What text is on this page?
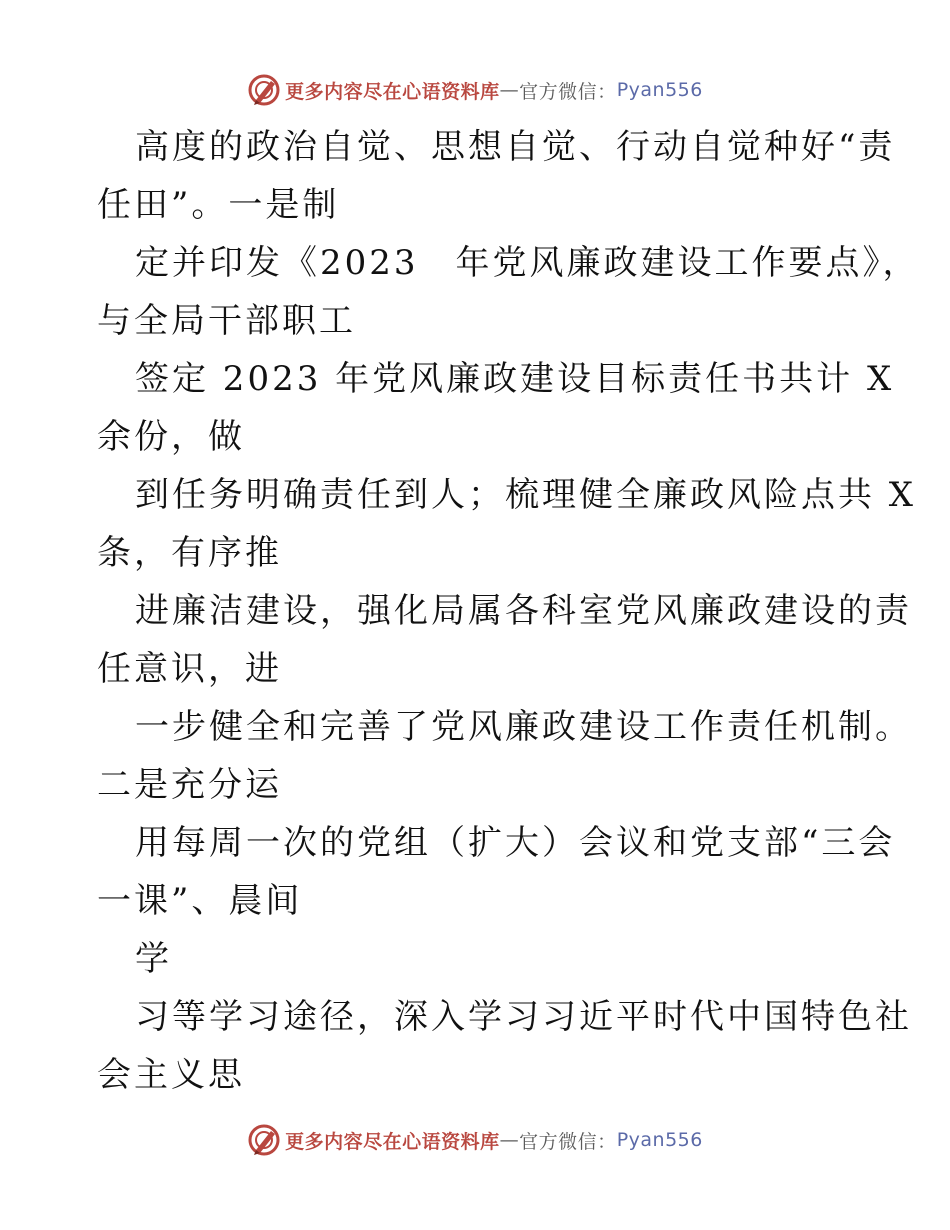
更多内容尽在心语资料库 — 官方微信： Pyan556
高度的政治自觉、思想自觉、行动自觉种好“责
任田”。一是制
定并印发《2023　年党风廉政建设工作要点》，
与全局干部职工
签定 2023 年党风廉政建设目标责任书共计 X
余份，做
到任务明确责任到人；梳理健全廉政风险点共 X
条，有序推
进廉洁建设，强化局属各科室党风廉政建设的责
任意识，进
一步健全和完善了党风廉政建设工作责任机制。
二是充分运
用每周一次的党组（扩大）会议和党支部“三会
一课”、晨间
学
习等学习途径，深入学习习近平时代中国特色社
会主义思
更多内容尽在心语资料库 — 官方微信： Pyan556
